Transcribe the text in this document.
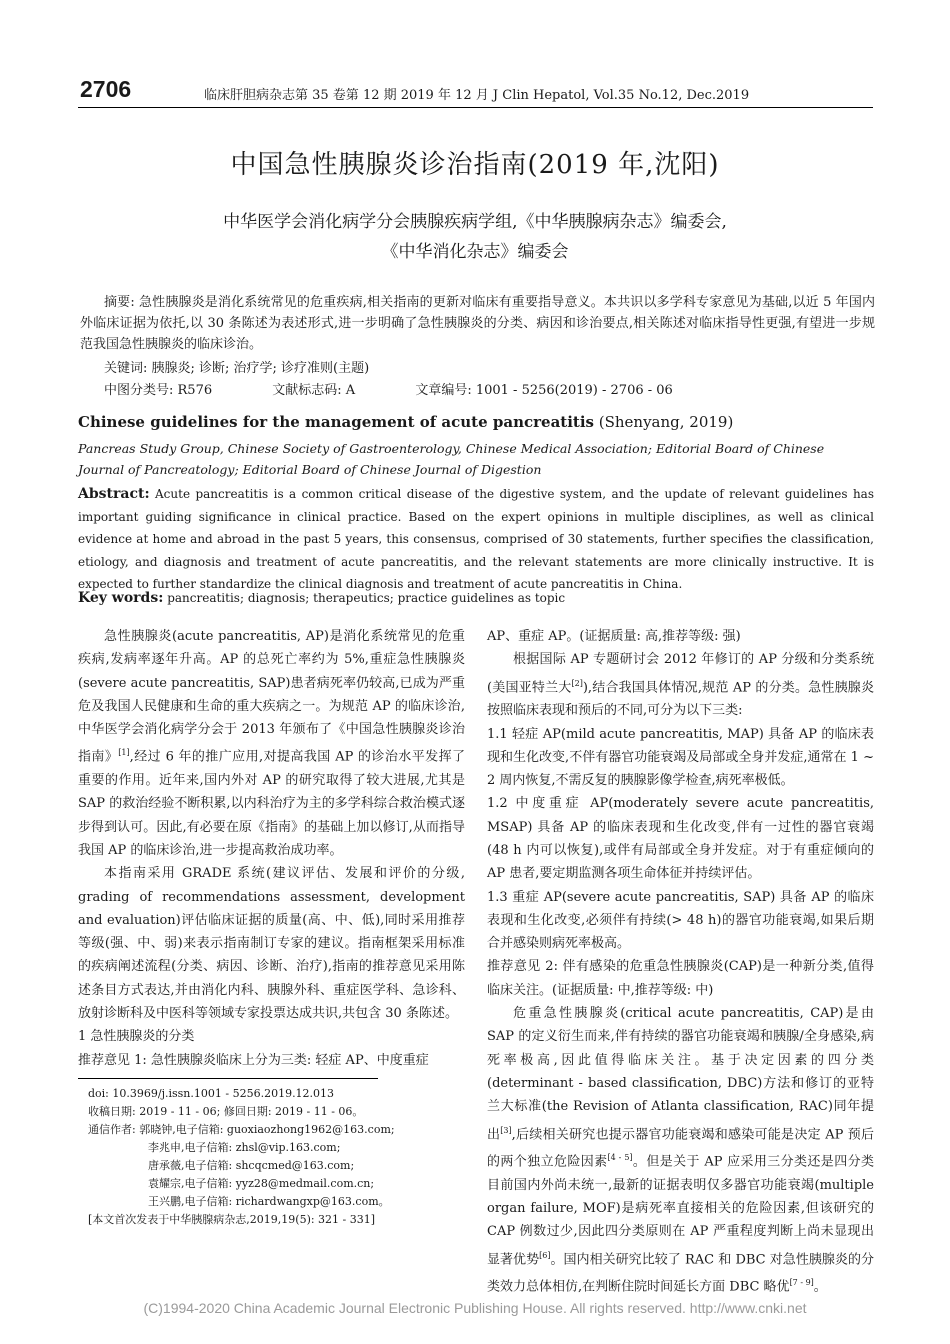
2706	临床肝胆病杂志第 35 卷第 12 期 2019 年 12 月 J Clin Hepatol, Vol.35 No.12, Dec.2019
中国急性胰腺炎诊治指南(2019 年,沈阳)
中华医学会消化病学分会胰腺疾病学组,《中华胰腺病杂志》编委会,
《中华消化杂志》编委会
摘要: 急性胰腺炎是消化系统常见的危重疾病,相关指南的更新对临床有重要指导意义。本共识以多学科专家意见为基础,以近 5 年国内外临床证据为依托,以 30 条陈述为表述形式,进一步明确了急性胰腺炎的分类、病因和诊治要点,相关陈述对临床指导性更强,有望进一步规范我国急性胰腺炎的临床诊治。
关键词: 胰腺炎; 诊断; 治疗学; 诊疗准则(主题)
中图分类号: R576	文献标志码: A	文章编号: 1001 - 5256(2019) - 2706 - 06
Chinese guidelines for the management of acute pancreatitis (Shenyang, 2019)
Pancreas Study Group, Chinese Society of Gastroenterology, Chinese Medical Association; Editorial Board of Chinese Journal of Pancreatology; Editorial Board of Chinese Journal of Digestion
Abstract: Acute pancreatitis is a common critical disease of the digestive system, and the update of relevant guidelines has important guiding significance in clinical practice. Based on the expert opinions in multiple disciplines, as well as clinical evidence at home and abroad in the past 5 years, this consensus, comprised of 30 statements, further specifies the classification, etiology, and diagnosis and treatment of acute pancreatitis, and the relevant statements are more clinically instructive. It is expected to further standardize the clinical diagnosis and treatment of acute pancreatitis in China.
Key words: pancreatitis; diagnosis; therapeutics; practice guidelines as topic

急性胰腺炎(acute pancreatitis, AP)是消化系统常见的危重疾病,发病率逐年升高。AP 的总死亡率约为 5%,重症急性胰腺炎(severe acute pancreatitis, SAP)患者病死率仍较高,已成为严重危及我国人民健康和生命的重大疾病之一。为规范 AP 的临床诊治,中华医学会消化病学分会于 2013 年颁布了《中国急性胰腺炎诊治指南》[1],经过 6 年的推广应用,对提高我国 AP 的诊治水平发挥了重要的作用。近年来,国内外对 AP 的研究取得了较大进展,尤其是 SAP 的救治经验不断积累,以内科治疗为主的多学科综合救治模式逐步得到认可。因此,有必要在原《指南》的基础上加以修订,从而指导我国 AP 的临床诊治,进一步提高救治成功率。

本指南采用 GRADE 系统(建议评估、发展和评价的分级, grading of recommendations assessment, development and evaluation)评估临床证据的质量(高、中、低),同时采用推荐等级(强、中、弱)来表示指南制订专家的建议。指南框架采用标准的疾病阐述流程(分类、病因、诊断、治疗),指南的推荐意见采用陈述条目方式表达,并由消化内科、胰腺外科、重症医学科、急诊科、放射诊断科及中医科等领域专家投票达成共识,共包含 30 条陈述。

1 急性胰腺炎的分类

推荐意见 1: 急性胰腺炎临床上分为三类: 轻症 AP、中度重症

doi: 10.3969/j.issn.1001 - 5256.2019.12.013
收稿日期: 2019 - 11 - 06; 修回日期: 2019 - 11 - 06。
通信作者: 郭晓钟,电子信箱: guoxiaozhong1962@163.com;
李兆申,电子信箱: zhsl@vip.163.com;
唐承薇,电子信箱: shcqcmed@163.com;
袁耀宗,电子信箱: yyz28@medmail.com.cn;
王兴鹏,电子信箱: richardwangxp@163.com。
[本文首次发表于中华胰腺病杂志,2019,19(5): 321 - 331]

AP、重症 AP。(证据质量: 高,推荐等级: 强)

根据国际 AP 专题研讨会 2012 年修订的 AP 分级和分类系统(美国亚特兰大[2]),结合我国具体情况,规范 AP 的分类。急性胰腺炎按照临床表现和预后的不同,可分为以下三类:

1.1 轻症 AP(mild acute pancreatitis, MAP) 具备 AP 的临床表现和生化改变,不伴有器官功能衰竭及局部或全身并发症,通常在 1 ~ 2 周内恢复,不需反复的胰腺影像学检查,病死率极低。

1.2 中度重症 AP(moderately severe acute pancreatitis, MSAP) 具备 AP 的临床表现和生化改变,伴有一过性的器官衰竭(48 h 内可以恢复),或伴有局部或全身并发症。对于有重症倾向的 AP 患者,要定期监测各项生命体征并持续评估。

1.3 重症 AP(severe acute pancreatitis, SAP) 具备 AP 的临床表现和生化改变,必须伴有持续(> 48 h)的器官功能衰竭,如果后期合并感染则病死率极高。

推荐意见 2: 伴有感染的危重急性胰腺炎(CAP)是一种新分类,值得临床关注。(证据质量: 中,推荐等级: 中)

危重急性胰腺炎(critical acute pancreatitis, CAP)是由 SAP 的定义衍生而来,伴有持续的器官功能衰竭和胰腺/全身感染,病死率极高,因此值得临床关注。基于决定因素的四分类(determinant - based classification, DBC)方法和修订的亚特兰大标准(the Revision of Atlanta classification, RAC)同年提出[3],后续相关研究也提示器官功能衰竭和感染可能是决定 AP 预后的两个独立危险因素[4 - 5]。但是关于 AP 应采用三分类还是四分类目前国内外尚未统一,最新的证据表明仅多器官功能衰竭(multiple organ failure, MOF)是病死率直接相关的危险因素,但该研究的 CAP 例数过少,因此四分类原则在 AP 严重程度判断上尚未显现出显著优势[6]。国内相关研究比较了 RAC 和 DBC 对急性胰腺炎的分类效力总体相仿,在判断住院时间延长方面 DBC 略优[7 - 9]。

(C)1994-2020 China Academic Journal Electronic Publishing House. All rights reserved. http://www.cnki.net
